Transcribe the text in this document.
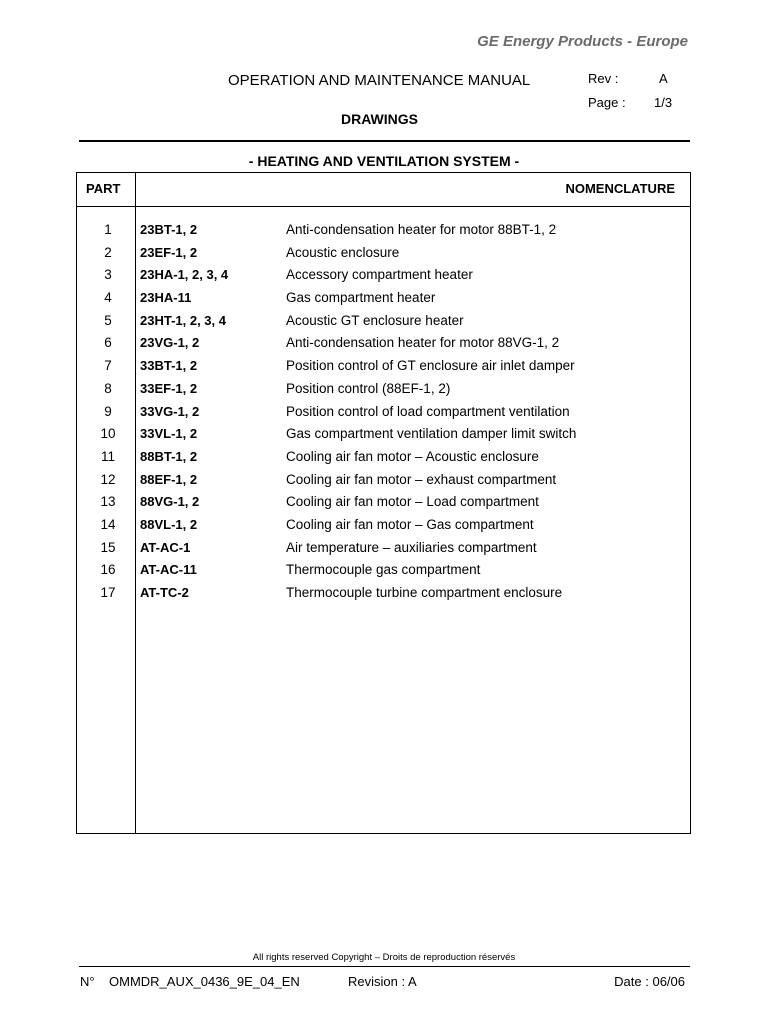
GE Energy Products - Europe
OPERATION AND MAINTENANCE MANUAL	Rev :	A
Page : 1/3
DRAWINGS
- HEATING AND VENTILATION SYSTEM -
PART	NOMENCLATURE
1	23BT-1, 2	Anti-condensation heater for motor 88BT-1, 2
2	23EF-1, 2	Acoustic enclosure
3	23HA-1, 2, 3, 4	Accessory compartment heater
4	23HA-11	Gas compartment heater
5	23HT-1, 2, 3, 4	Acoustic GT enclosure heater
6	23VG-1, 2	Anti-condensation heater for motor 88VG-1, 2
7	33BT-1, 2	Position control of GT enclosure air inlet damper
8	33EF-1, 2	Position control (88EF-1, 2)
9	33VG-1, 2	Position control of load compartment ventilation
10	33VL-1, 2	Gas compartment ventilation damper limit switch
11	88BT-1, 2	Cooling air fan motor – Acoustic enclosure
12	88EF-1, 2	Cooling air fan motor – exhaust compartment
13	88VG-1, 2	Cooling air fan motor – Load compartment
14	88VL-1, 2	Cooling air fan motor – Gas compartment
15	AT-AC-1	Air temperature – auxiliaries compartment
16	AT-AC-11	Thermocouple gas compartment
17	AT-TC-2	Thermocouple turbine compartment enclosure
All rights reserved Copyright – Droits de reproduction réservés
N° OMMDR_AUX_0436_9E_04_EN	Revision : A	Date : 06/06
